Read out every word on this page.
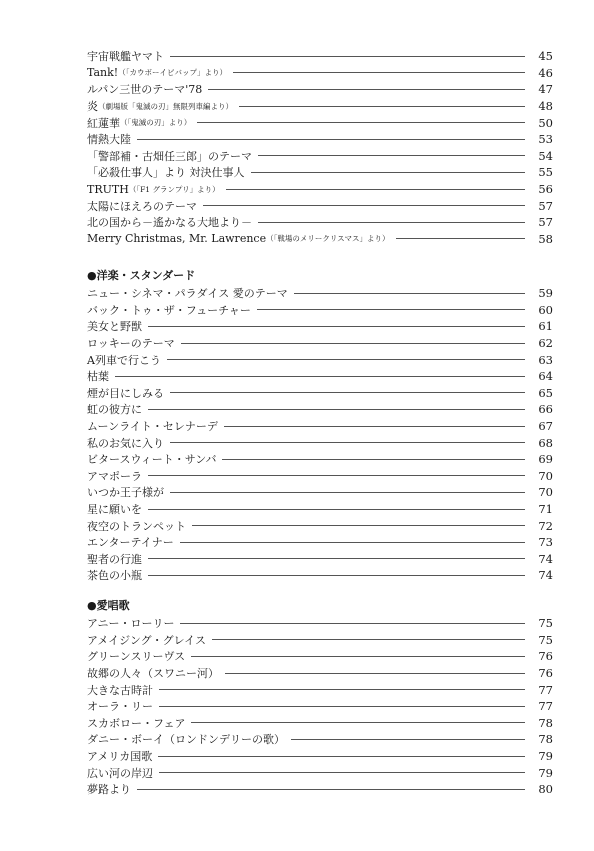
宇宙戦艦ヤマト	45
Tank! （「カウボーイビバップ」より）	46
ルパン三世のテーマ'78	47
炎 （劇場版「鬼滅の刃」無限列車編より）	48
紅蓮華 （「鬼滅の刃」より）	50
情熱大陸	53
「警部補・古畑任三郎」のテーマ	54
「必殺仕事人」より 対決仕事人	55
TRUTH （「F1 グランプリ」より）	56
太陽にほえろのテーマ	57
北の国から－遙かなる大地より－	57
Merry Christmas, Mr. Lawrence （「戦場のメリークリスマス」より）	58
●洋楽・スタンダード
ニュー・シネマ・パラダイス 愛のテーマ	59
バック・トゥ・ザ・フューチャー	60
美女と野獣	61
ロッキーのテーマ	62
A列車で行こう	63
枯葉	64
煙が目にしみる	65
虹の彼方に	66
ムーンライト・セレナーデ	67
私のお気に入り	68
ビタースウィート・サンバ	69
アマポーラ	70
いつか王子様が	70
星に願いを	71
夜空のトランペット	72
エンターテイナー	73
聖者の行進	74
茶色の小瓶	74
●愛唱歌
アニー・ローリー	75
アメイジング・グレイス	75
グリーンスリーヴス	76
故郷の人々（スワニー河）	76
大きな古時計	77
オーラ・リー	77
スカボロー・フェア	78
ダニー・ボーイ（ロンドンデリーの歌）	78
アメリカ国歌	79
広い河の岸辺	79
夢路より	80
